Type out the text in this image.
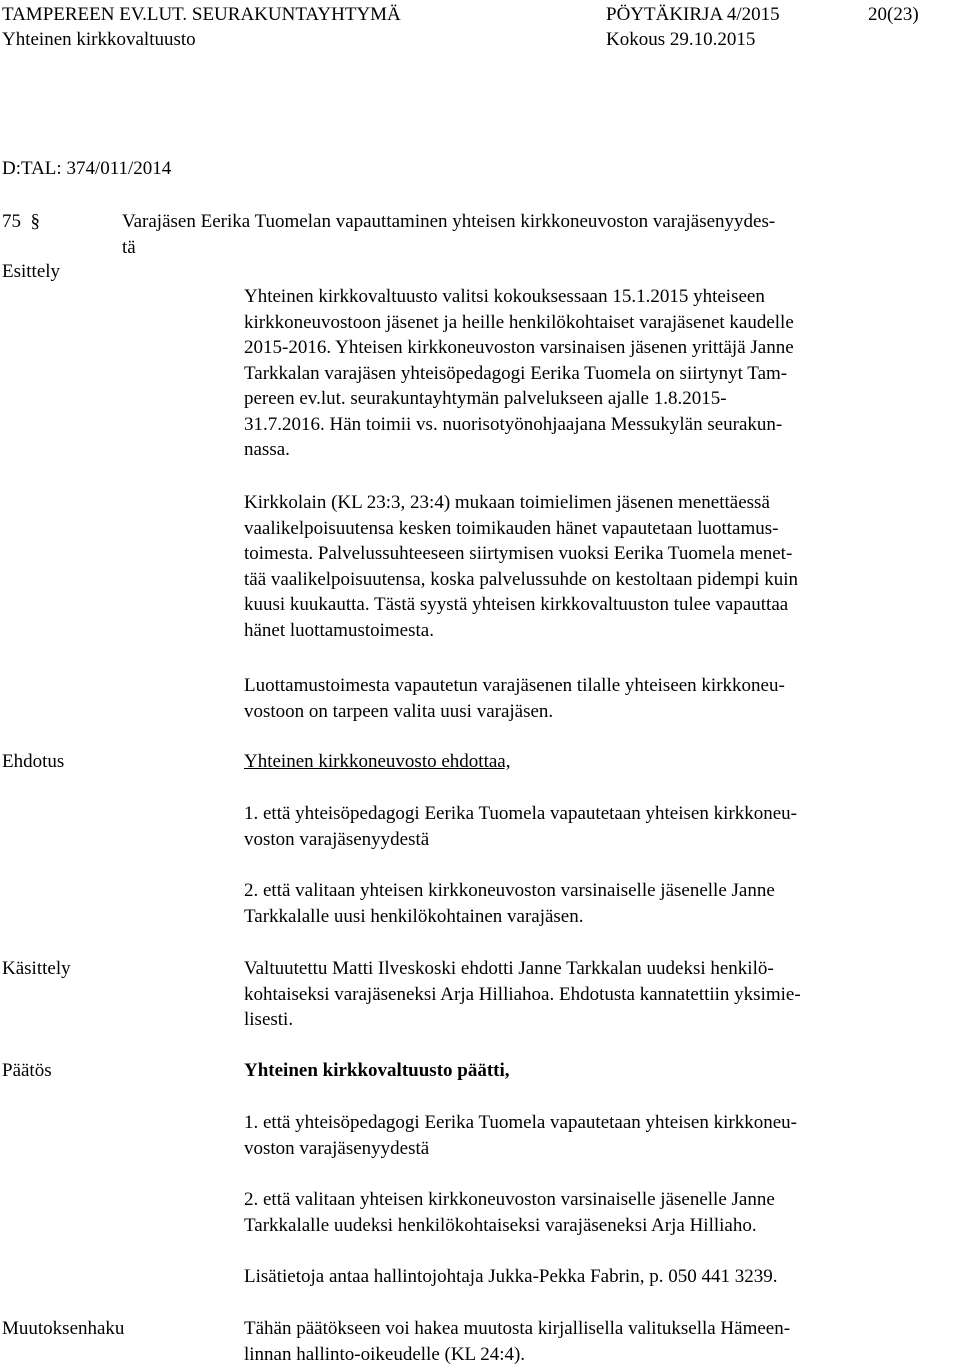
TAMPEREEN EV.LUT. SEURAKUNTAYHTYMÄ	PÖYTÄKIRJA 4/2015	20(23)
Yhteinen kirkkovaltuusto	Kokous 29.10.2015
D:TAL: 374/011/2014
75 §	Varajäsen Eerika Tuomelan vapauttaminen yhteisen kirkkoneuvoston varajäsenyydes-
tä
Esittely
Yhteinen kirkkovaltuusto valitsi kokouksessaan 15.1.2015 yhteiseen
kirkkoneuvostoon jäsenet ja heille henkilökohtaiset varajäsenet kaudelle
2015-2016. Yhteisen kirkkoneuvoston varsinaisen jäsenen yrittäjä Janne
Tarkkalan varajäsen yhteisöpedagogi Eerika Tuomela on siirtynyt Tam-
pereen ev.lut. seurakuntayhtymän palvelukseen ajalle 1.8.2015-
31.7.2016. Hän toimii vs. nuorisotyönohjaajana Messukylän seurakun-
nassa.
Kirkkolain (KL 23:3, 23:4) mukaan toimielimen jäsenen menettäessä
vaalikelpoisuutensa kesken toimikauden hänet vapautetaan luottamus-
toimesta. Palvelussuhteeseen siirtymisen vuoksi Eerika Tuomela menet-
tää vaalikelpoisuutensa, koska palvelussuhde on kestoltaan pidempi kuin
kuusi kuukautta. Tästä syystä yhteisen kirkkovaltuuston tulee vapauttaa
hänet luottamustoimesta.
Luottamustoimesta vapautetun varajäsenen tilalle yhteiseen kirkkoneu-
vostoon on tarpeen valita uusi varajäsen.
Ehdotus	Yhteinen kirkkoneuvosto ehdottaa,
1. että yhteisöpedagogi Eerika Tuomela vapautetaan yhteisen kirkkoneu-
voston varajäsenyydestä
2. että valitaan yhteisen kirkkoneuvoston varsinaiselle jäsenelle Janne
Tarkkalalle uusi henkilökohtainen varajäsen.
Käsittely	Valtuutettu Matti Ilveskoski ehdotti Janne Tarkkalan uudeksi henkilö-
kohtaiseksi varajäseneksi Arja Hilliahoa. Ehdotusta kannatettiin yksimie-
lisesti.
Päätös	Yhteinen kirkkovaltuusto päätti,
1. että yhteisöpedagogi Eerika Tuomela vapautetaan yhteisen kirkkoneu-
voston varajäsenyydestä
2. että valitaan yhteisen kirkkoneuvoston varsinaiselle jäsenelle Janne
Tarkkalalle uudeksi henkilökohtaiseksi varajäseneksi Arja Hilliaho.
Lisätietoja antaa hallintojohtaja Jukka-Pekka Fabrin, p. 050 441 3239.
Muutoksenhaku	Tähän päätökseen voi hakea muutosta kirjallisella valituksella Hämeen-
linnan hallinto-oikeudelle (KL 24:4).
